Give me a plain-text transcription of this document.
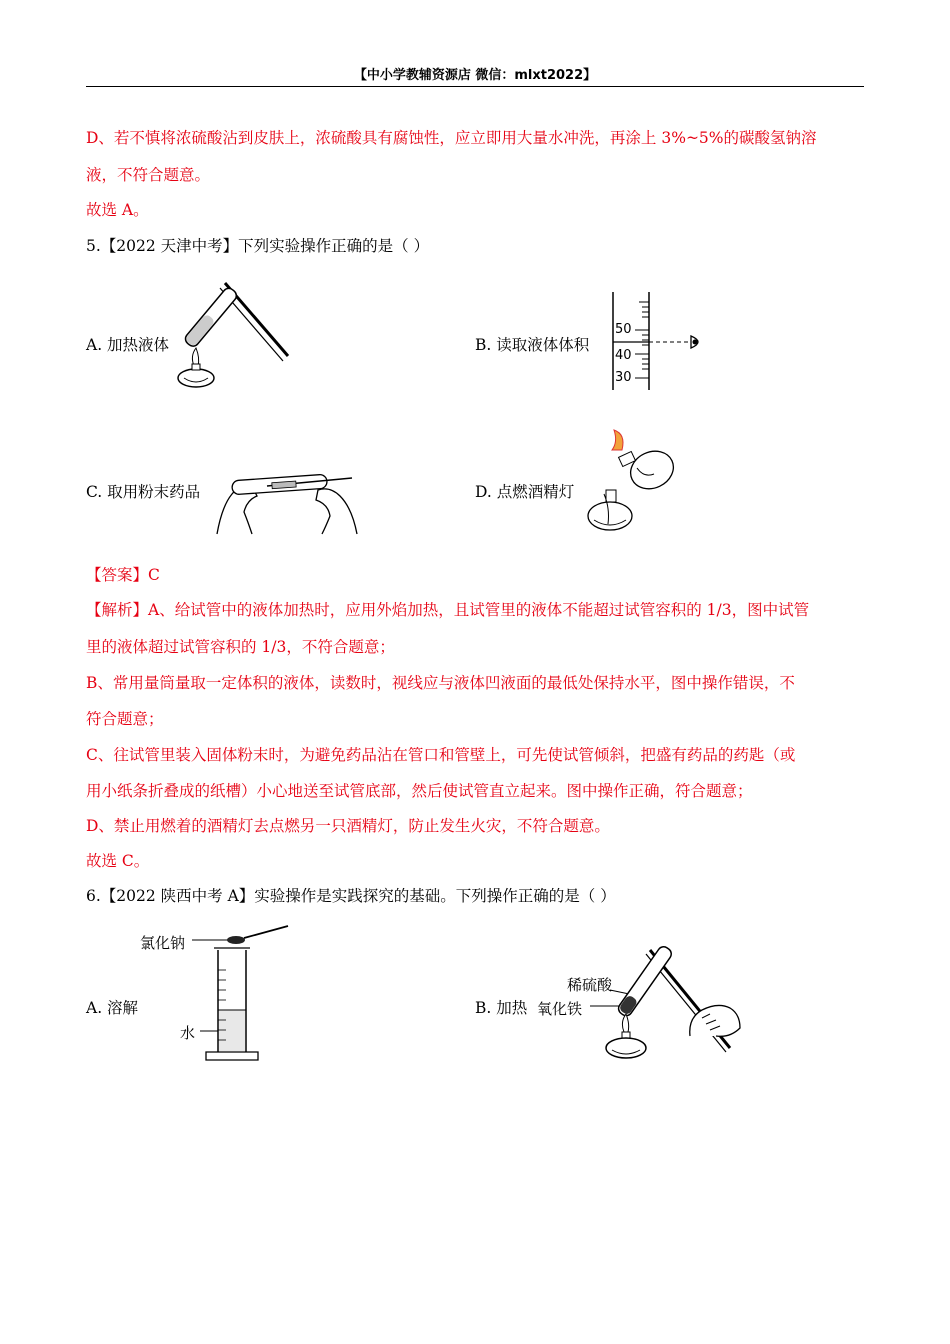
【中小学教辅资源店 微信：mlxt2022】
D、若不慎将浓硫酸沾到皮肤上，浓硫酸具有腐蚀性，应立即用大量水冲洗，再涂上 3%~5%的碳酸氢钠溶
液，不符合题意。
故选 A。
5.【2022 天津中考】下列实验操作正确的是（ ）
A. 加热液体	B. 读取液体体积
50
40
30
C. 取用粉末药品	D. 点燃酒精灯
【答案】C
【解析】A、给试管中的液体加热时，应用外焰加热，且试管里的液体不能超过试管容积的 1/3，图中试管
里的液体超过试管容积的 1/3，不符合题意；
B、常用量筒量取一定体积的液体，读数时，视线应与液体凹液面的最低处保持水平，图中操作错误，不
符合题意；
C、往试管里装入固体粉末时，为避免药品沾在管口和管壁上，可先使试管倾斜，把盛有药品的药匙（或
用小纸条折叠成的纸槽）小心地送至试管底部，然后使试管直立起来。图中操作正确，符合题意；
D、禁止用燃着的酒精灯去点燃另一只酒精灯，防止发生火灾，不符合题意。
故选 C。
6.【2022 陕西中考 A】实验操作是实践探究的基础。下列操作正确的是（ ）
A. 溶解
氯化钠
水
B. 加热
稀硫酸
氧化铁
